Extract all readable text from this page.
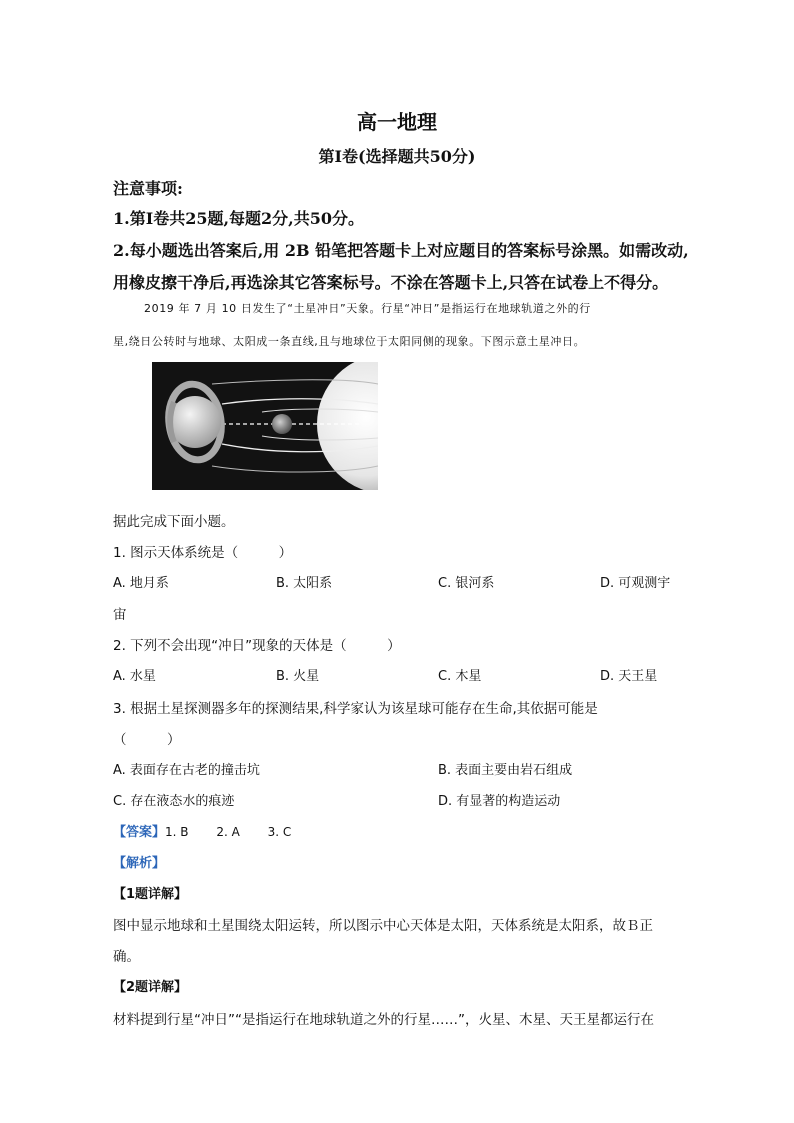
高一地理
第Ⅰ卷(选择题共50分)
注意事项:
1.第Ⅰ卷共25题,每题2分,共50分。
2.每小题选出答案后,用 2B 铅笔把答题卡上对应题目的答案标号涂黑。如需改动,
用橡皮擦干净后,再选涂其它答案标号。不涂在答题卡上,只答在试卷上不得分。
2019 年 7 月 10 日发生了“土星冲日”天象。行星“冲日”是指运行在地球轨道之外的行
星,绕日公转时与地球、太阳成一条直线,且与地球位于太阳同侧的现象。下图示意土星冲日。
据此完成下面小题。
1. 图示天体系统是（　　　）
A. 地月系	B. 太阳系	C. 银河系	D. 可观测宇
宙
2. 下列不会出现“冲日”现象的天体是（　　　）
A. 水星	B. 火星	C. 木星	D. 天王星
3. 根据土星探测器多年的探测结果,科学家认为该星球可能存在生命,其依据可能是
（　　　）
A. 表面存在古老的撞击坑	B. 表面主要由岩石组成
C. 存在液态水的痕迹	D. 有显著的构造运动
【答案】1. B　　 2. A　　 3. C
【解析】
【1题详解】
图中显示地球和土星围绕太阳运转，所以图示中心天体是太阳，天体系统是太阳系，故Ｂ正
确。
【2题详解】
材料提到行星“冲日”“是指运行在地球轨道之外的行星……”，火星、木星、天王星都运行在
